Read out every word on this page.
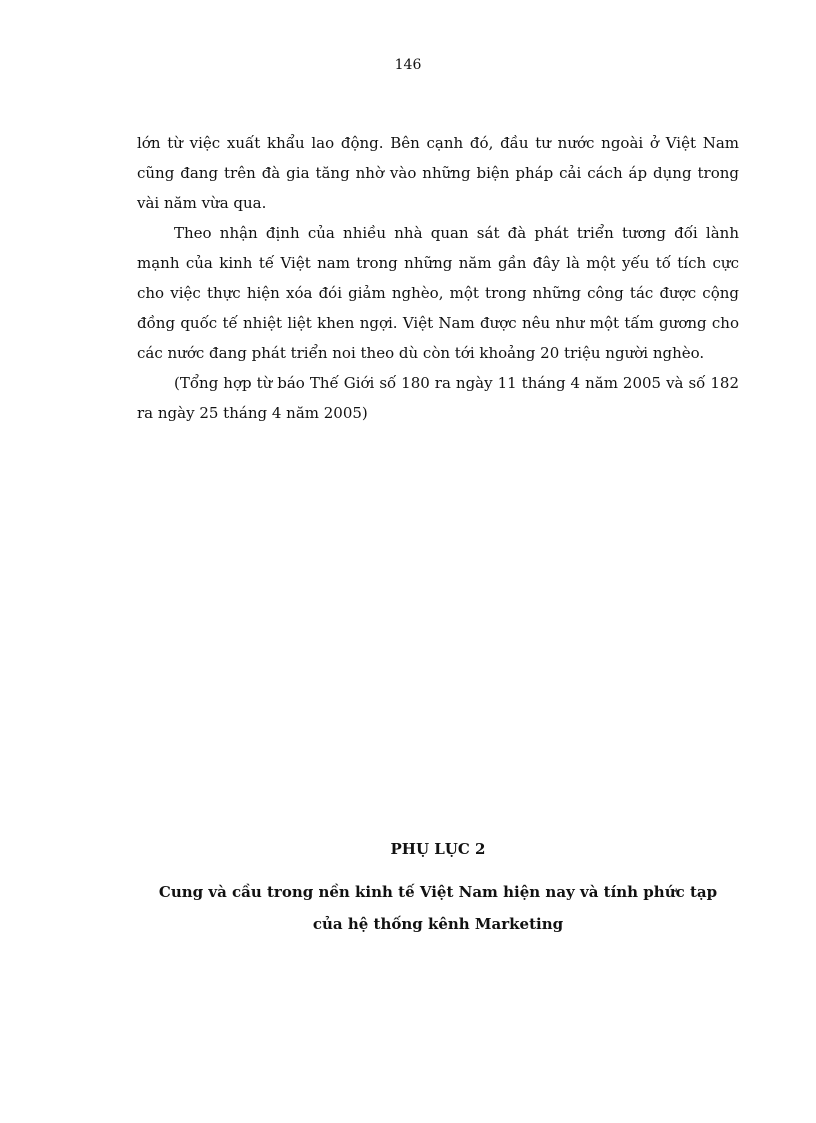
146

lớn từ việc xuất khẩu lao động. Bên cạnh đó, đầu tư nước ngoài ở Việt Nam cũng đang trên đà gia tăng nhờ vào những biện pháp cải cách áp dụng trong vài năm vừa qua.

Theo nhận định của nhiều nhà quan sát đà phát triển tương đối lành mạnh của kinh tế Việt nam trong những năm gần đây là một yếu tố tích cực cho việc thực hiện xóa đói giảm nghèo, một trong những công tác được cộng đồng quốc tế nhiệt liệt khen ngợi. Việt Nam được nêu như một tấm gương cho các nước đang phát triển noi theo dù còn tới khoảng 20 triệu người nghèo.

(Tổng hợp từ báo Thế Giới số 180 ra ngày 11 tháng 4 năm 2005 và số 182 ra ngày 25 tháng 4 năm 2005)

PHỤ LỤC 2
Cung và cầu trong nền kinh tế Việt Nam hiện nay và tính phức tạp của hệ thống kênh Marketing
